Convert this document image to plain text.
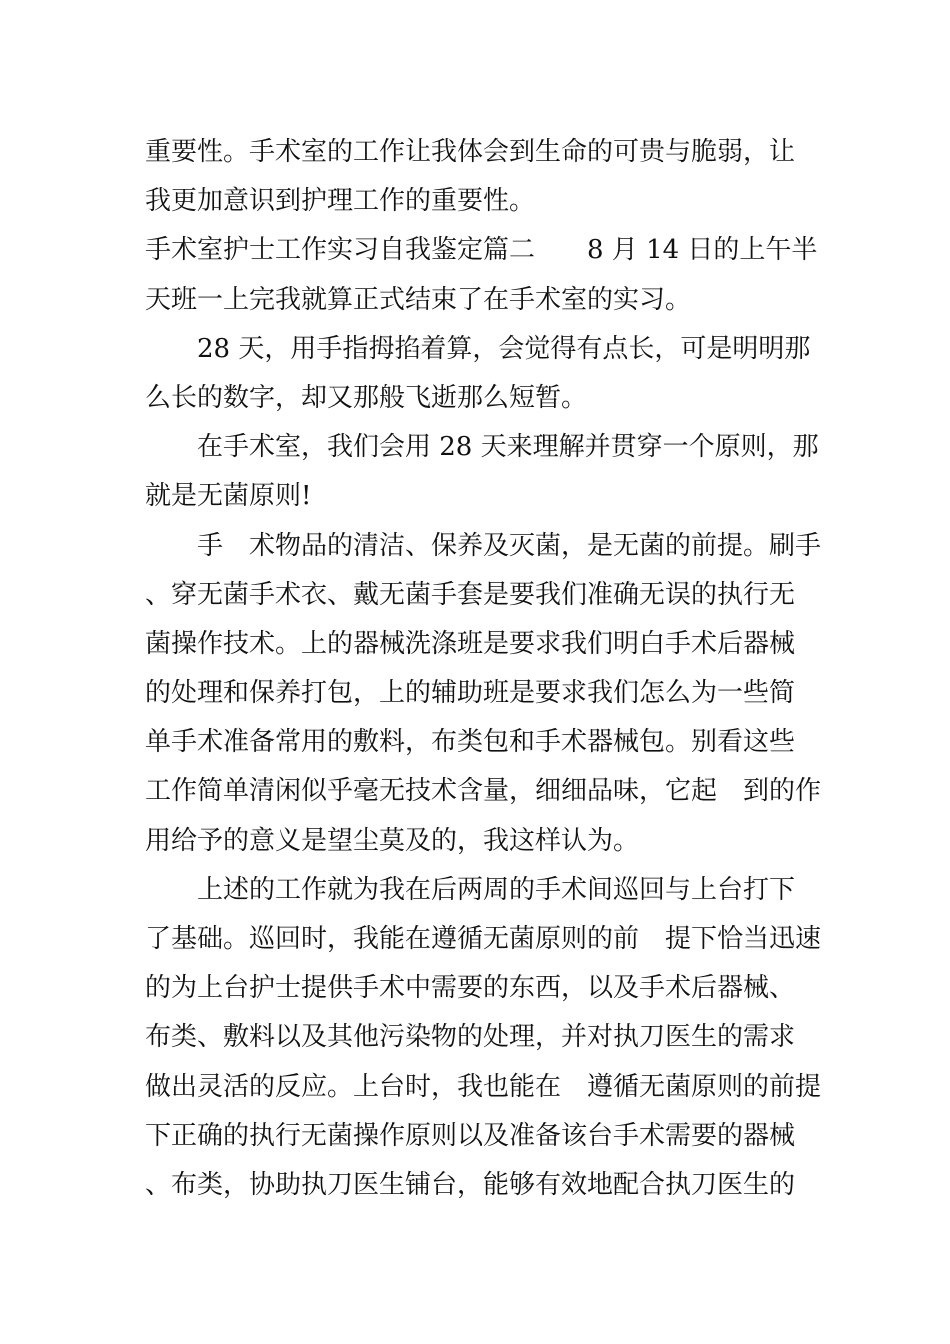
重要性。手术室的工作让我体会到生命的可贵与脆弱，让
我更加意识到护理工作的重要性。
手术室护士工作实习自我鉴定篇二　　8 月 14 日的上午半
天班一上完我就算正式结束了在手术室的实习。
28 天，用手指拇掐着算，会觉得有点长，可是明明那
么长的数字，却又那般飞逝那么短暂。
在手术室，我们会用 28 天来理解并贯穿一个原则，那
就是无菌原则!
手　术物品的清洁、保养及灭菌，是无菌的前提。刷手
、穿无菌手术衣、戴无菌手套是要我们准确无误的执行无
菌操作技术。上的器械洗涤班是要求我们明白手术后器械
的处理和保养打包，上的辅助班是要求我们怎么为一些简
单手术准备常用的敷料，布类包和手术器械包。别看这些
工作简单清闲似乎毫无技术含量，细细品味，它起　到的作
用给予的意义是望尘莫及的，我这样认为。
上述的工作就为我在后两周的手术间巡回与上台打下
了基础。巡回时，我能在遵循无菌原则的前　提下恰当迅速
的为上台护士提供手术中需要的东西，以及手术后器械、
布类、敷料以及其他污染物的处理，并对执刀医生的需求
做出灵活的反应。上台时，我也能在　遵循无菌原则的前提
下正确的执行无菌操作原则以及准备该台手术需要的器械
、布类，协助执刀医生铺台，能够有效地配合执刀医生的
